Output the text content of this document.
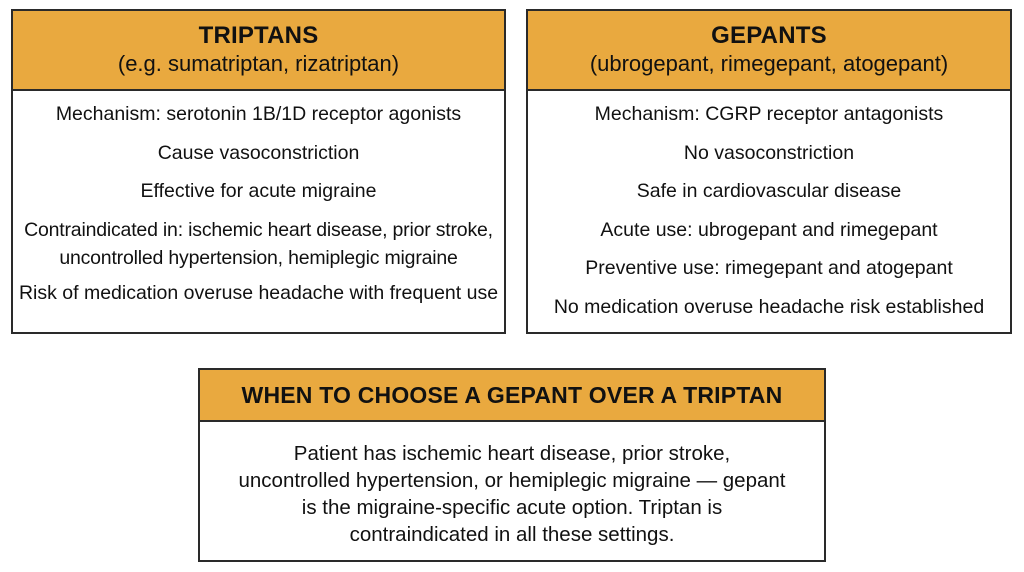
TRIPTANS
(e.g. sumatriptan, rizatriptan)
Mechanism: serotonin 1B/1D receptor agonists
Cause vasoconstriction
Effective for acute migraine
Contraindicated in: ischemic heart disease, prior stroke,
uncontrolled hypertension, hemiplegic migraine
Risk of medication overuse headache with frequent use
GEPANTS
(ubrogepant, rimegepant, atogepant)
Mechanism: CGRP receptor antagonists
No vasoconstriction
Safe in cardiovascular disease
Acute use: ubrogepant and rimegepant
Preventive use: rimegepant and atogepant
No medication overuse headache risk established
WHEN TO CHOOSE A GEPANT OVER A TRIPTAN

Patient has ischemic heart disease, prior stroke,
uncontrolled hypertension, or hemiplegic migraine — gepant
is the migraine-specific acute option. Triptan is
contraindicated in all these settings.
